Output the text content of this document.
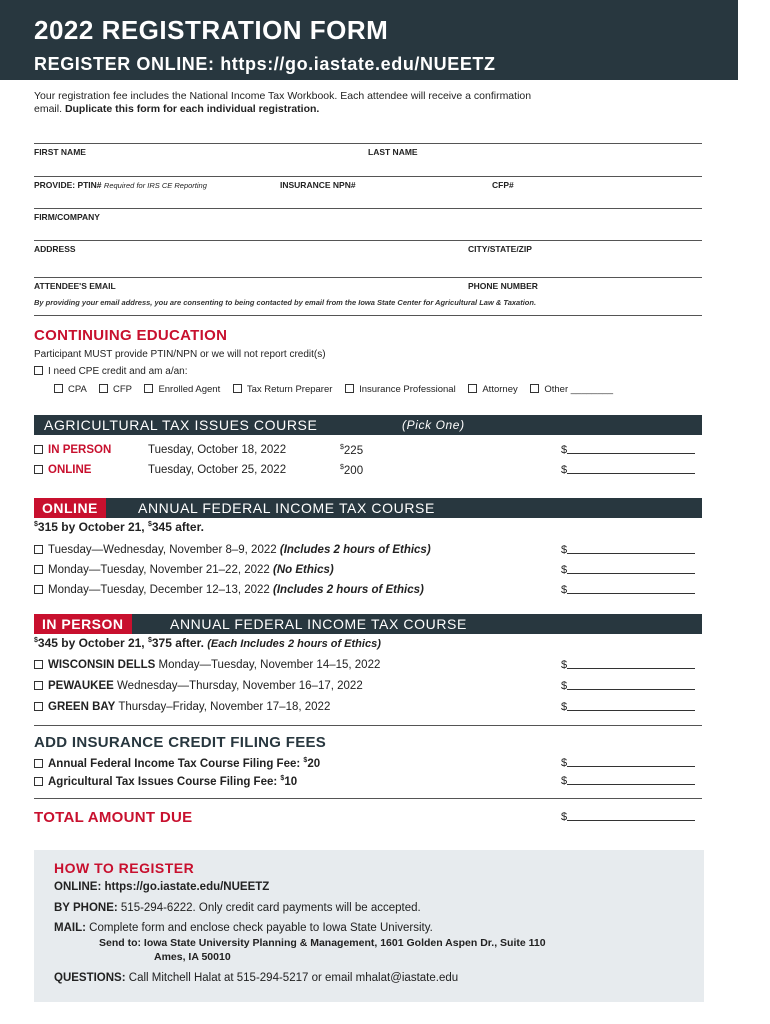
2022 REGISTRATION FORM
REGISTER ONLINE: https://go.iastate.edu/NUEETZ
Your registration fee includes the National Income Tax Workbook. Each attendee will receive a confirmation
email. Duplicate this form for each individual registration.
FIRST NAME	LAST NAME
PROVIDE: PTIN# Required for IRS CE Reporting	INSURANCE NPN#	CFP#
FIRM/COMPANY
ADDRESS	CITY/STATE/ZIP
ATTENDEE'S EMAIL	PHONE NUMBER
By providing your email address, you are consenting to being contacted by email from the Iowa State Center for Agricultural Law & Taxation.
CONTINUING EDUCATION
Participant MUST provide PTIN/NPN or we will not report credit(s)
I need CPE credit and am a/an:
CPA	CFP	Enrolled Agent	Tax Return Preparer	Insurance Professional	Attorney	Other ________
AGRICULTURAL TAX ISSUES COURSE	(Pick One)
IN PERSON	Tuesday, October 18, 2022	$225	$
ONLINE	Tuesday, October 25, 2022	$200	$
ONLINE	ANNUAL FEDERAL INCOME TAX COURSE
$315 by October 21, $345 after.
Tuesday—Wednesday, November 8–9, 2022 (Includes 2 hours of Ethics)	$
Monday—Tuesday, November 21–22, 2022 (No Ethics)	$
Monday—Tuesday, December 12–13, 2022 (Includes 2 hours of Ethics)	$
IN PERSON	ANNUAL FEDERAL INCOME TAX COURSE
$345 by October 21, $375 after. (Each Includes 2 hours of Ethics)
WISCONSIN DELLS Monday—Tuesday, November 14–15, 2022	$
PEWAUKEE Wednesday—Thursday, November 16–17, 2022	$
GREEN BAY Thursday–Friday, November 17–18, 2022	$
ADD INSURANCE CREDIT FILING FEES
Annual Federal Income Tax Course Filing Fee: $20	$
Agricultural Tax Issues Course Filing Fee: $10	$
TOTAL AMOUNT DUE	$
HOW TO REGISTER
ONLINE: https://go.iastate.edu/NUEETZ
BY PHONE: 515-294-6222. Only credit card payments will be accepted.
MAIL: Complete form and enclose check payable to Iowa State University.
Send to: Iowa State University Planning & Management, 1601 Golden Aspen Dr., Suite 110
Ames, IA 50010
QUESTIONS: Call Mitchell Halat at 515-294-5217 or email mhalat@iastate.edu
